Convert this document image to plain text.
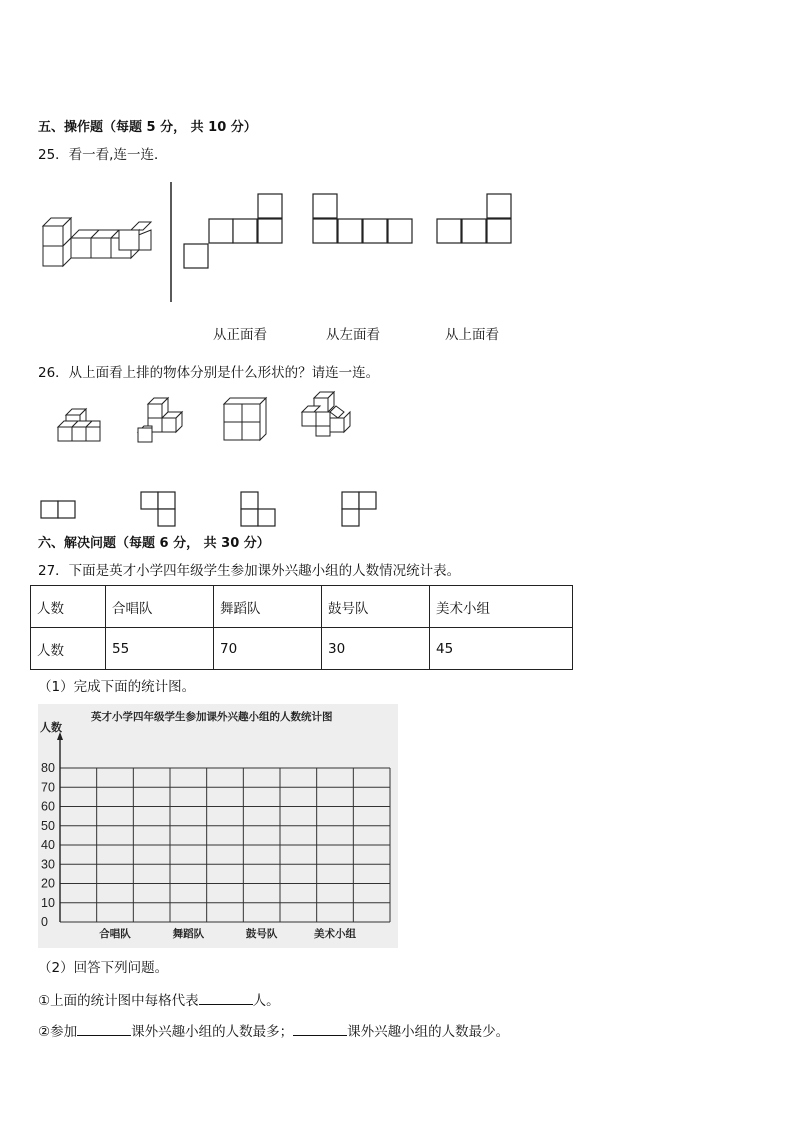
五、操作题（每题 5 分， 共 10 分）
25．看一看,连一连．
从正面看	从左面看	从上面看
26．从上面看上排的物体分别是什么形状的？请连一连。
六、解决问题（每题 6 分， 共 30 分）
27．下面是英才小学四年级学生参加课外兴趣小组的人数情况统计表。
人数	合唱队	舞蹈队	鼓号队	美术小组
人数	55	70	30	45
（1）完成下面的统计图。
英才小学四年级学生参加课外兴趣小组的人数统计图
人数
0
10
20
30
40
50
60
70
80
合唱队	舞蹈队	鼓号队	美术小组
（2）回答下列问题。
①上面的统计图中每格代表	人。
②参加	课外兴趣小组的人数最多；	课外兴趣小组的人数最少。
